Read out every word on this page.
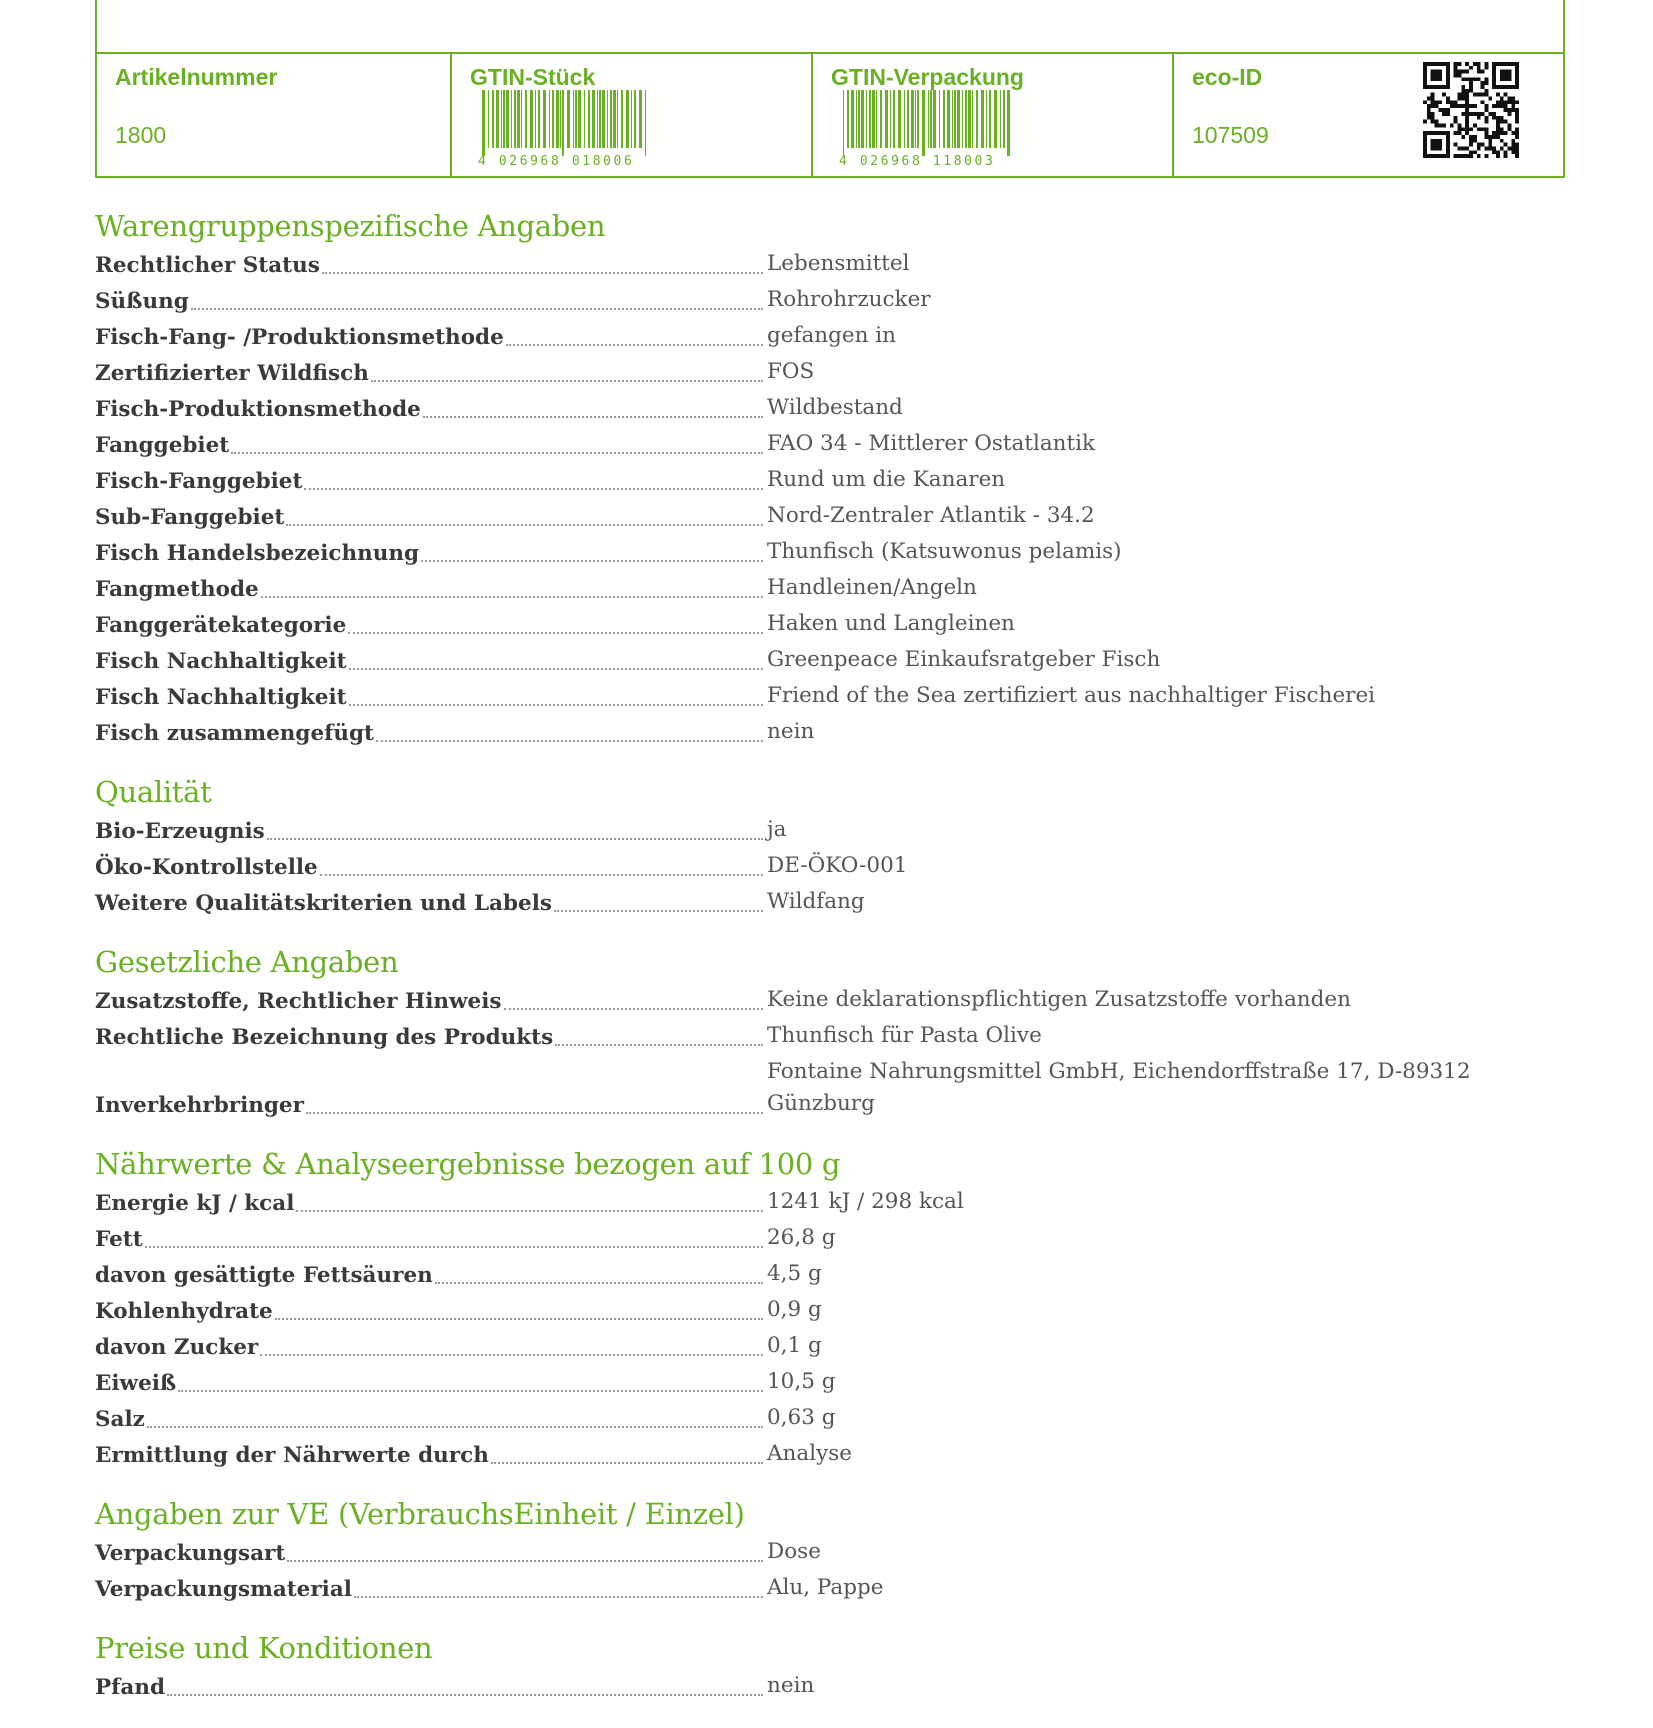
Artikelnummer
1800
GTIN-Stück
4 026968 018006
GTIN-Verpackung
4 026968 118003
eco-ID
107509
Warengruppenspezifische Angaben
Rechtlicher Status	Lebensmittel
Süßung	Rohrohrzucker
Fisch-Fang- /Produktionsmethode	gefangen in
Zertifizierter Wildfisch	FOS
Fisch-Produktionsmethode	Wildbestand
Fanggebiet	FAO 34 - Mittlerer Ostatlantik
Fisch-Fanggebiet	Rund um die Kanaren
Sub-Fanggebiet	Nord-Zentraler Atlantik - 34.2
Fisch Handelsbezeichnung	Thunfisch (Katsuwonus pelamis)
Fangmethode	Handleinen/Angeln
Fanggerätekategorie	Haken und Langleinen
Fisch Nachhaltigkeit	Greenpeace Einkaufsratgeber Fisch
Fisch Nachhaltigkeit	Friend of the Sea zertifiziert aus nachhaltiger Fischerei
Fisch zusammengefügt	nein
Qualität
Bio-Erzeugnis	ja
Öko-Kontrollstelle	DE-ÖKO-001
Weitere Qualitätskriterien und Labels	Wildfang
Gesetzliche Angaben
Zusatzstoffe, Rechtlicher Hinweis	Keine deklarationspflichtigen Zusatzstoffe vorhanden
Rechtliche Bezeichnung des Produkts	Thunfisch für Pasta Olive
Inverkehrbringer
Fontaine Nahrungsmittel GmbH, Eichendorffstraße 17, D-89312
Günzburg
Nährwerte & Analyseergebnisse bezogen auf 100 g
Energie kJ / kcal	1241 kJ / 298 kcal
Fett	26,8 g
davon gesättigte Fettsäuren	4,5 g
Kohlenhydrate	0,9 g
davon Zucker	0,1 g
Eiweiß	10,5 g
Salz	0,63 g
Ermittlung der Nährwerte durch	Analyse
Angaben zur VE (VerbrauchsEinheit / Einzel)
Verpackungsart	Dose
Verpackungsmaterial	Alu, Pappe
Preise und Konditionen
Pfand	nein
